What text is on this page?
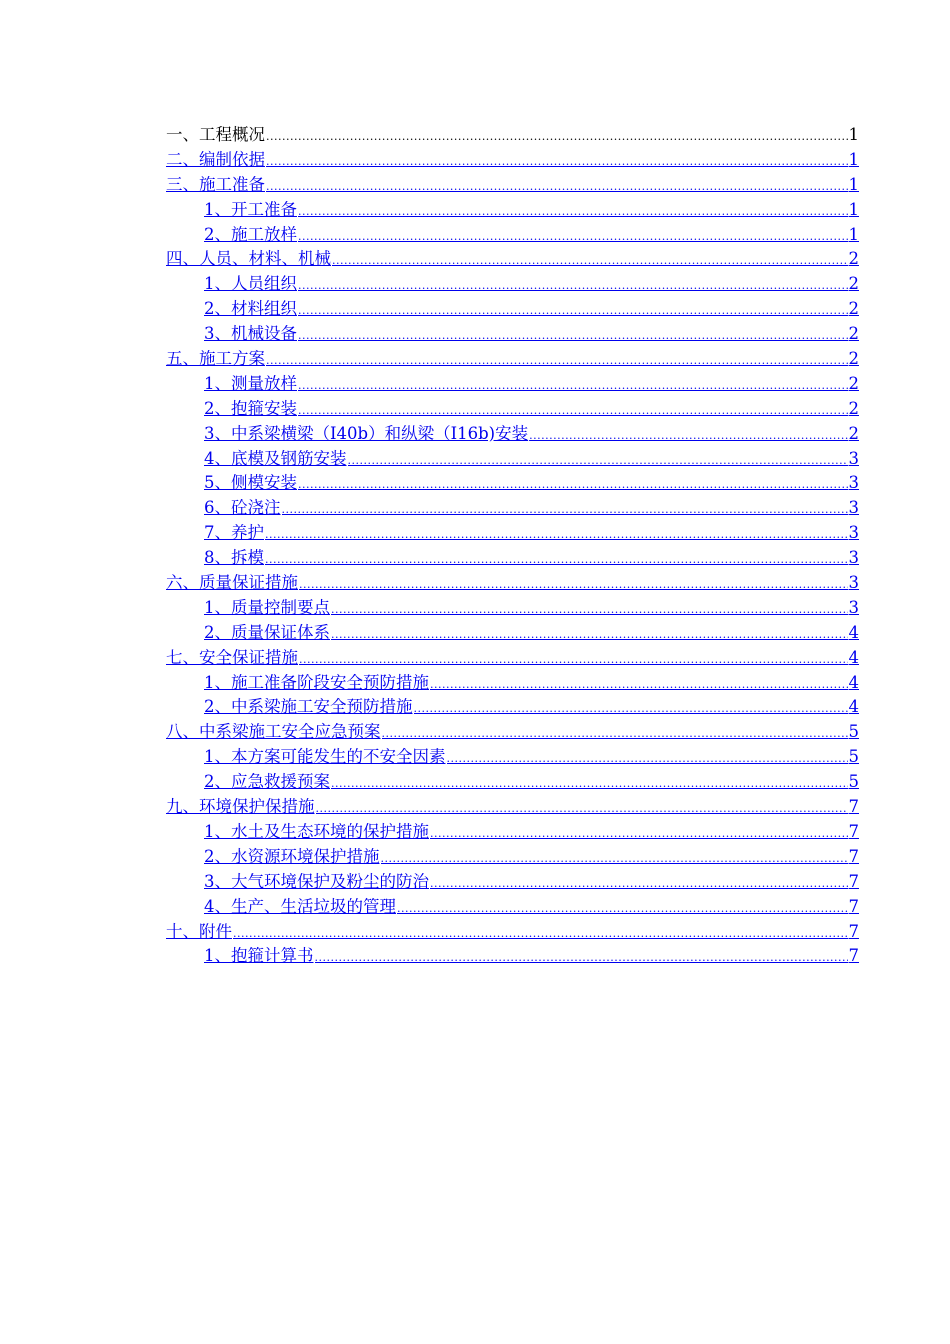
一、工程概况 .....	1
二、编制依据 .....	1
三、施工准备 .....	1
1、开工准备 .....	1
2、施工放样 .....	1
四、人员、材料、机械 .....	2
1、人员组织 .....	2
2、材料组织 .....	2
3、机械设备 .....	2
五、施工方案 .....	2
1、测量放样 .....	2
2、抱箍安装 .....	2
3、中系梁横梁（I40b）和纵梁（I16b)安装 .....	2
4、底模及钢筋安装 .....	3
5、侧模安装 .....	3
6、砼浇注 .....	3
7、养护 .....	3
8、拆模 .....	3
六、质量保证措施 .....	3
1、质量控制要点 .....	3
2、质量保证体系 .....	4
七、安全保证措施 .....	4
1、施工准备阶段安全预防措施 .....	4
2、中系梁施工安全预防措施 .....	4
八、中系梁施工安全应急预案 .....	5
1、本方案可能发生的不安全因素 .....	5
2、应急救援预案 .....	5
九、环境保护保措施 .....	7
1、水土及生态环境的保护措施 .....	7
2、水资源环境保护措施 .....	7
3、大气环境保护及粉尘的防治 .....	7
4、生产、生活垃圾的管理 .....	7
十、附件 .....	7
1、抱箍计算书 .....	7
